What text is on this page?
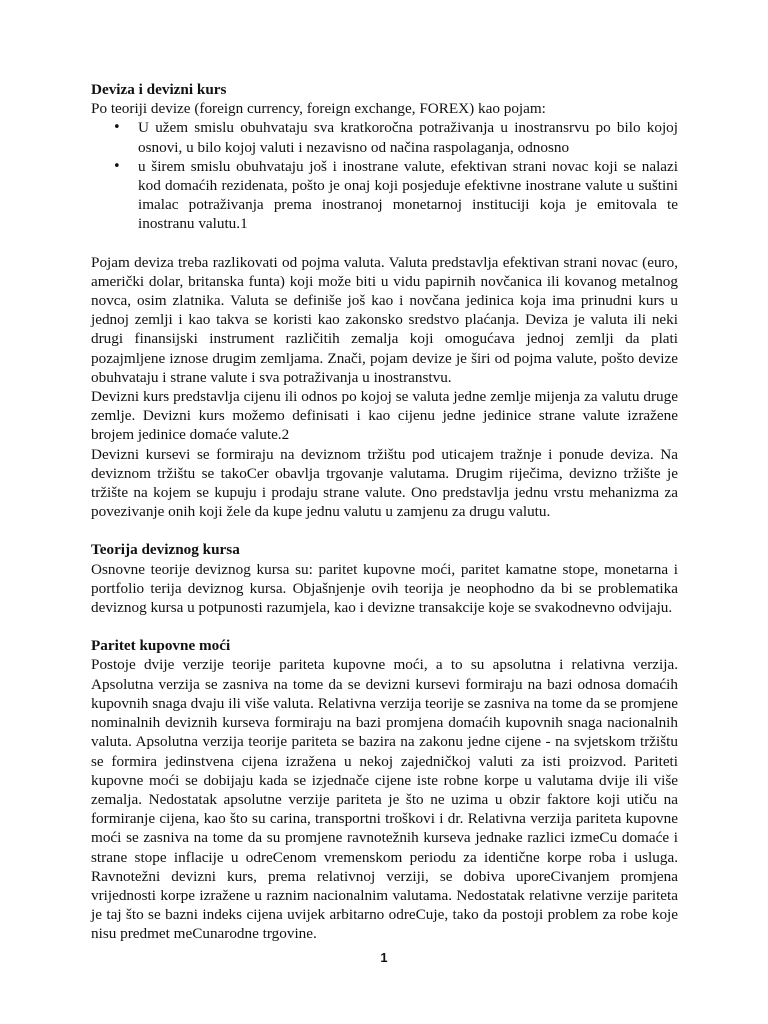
Deviza i devizni kurs

Po teoriji devize (foreign currency, foreign exchange, FOREX) kao pojam:

• U užem smislu obuhvataju sva kratkoročna potraživanja u inostransrvu po bilo kojoj osnovi, u bilo kojoj valuti i nezavisno od načina raspolaganja, odnosno
• u širem smislu obuhvataju još i inostrane valute, efektivan strani novac koji se nalazi kod domaćih rezidenata, pošto je onaj koji posjeduje efektivne inostrane valute u suštini imalac potraživanja prema inostranoj monetarnoj instituciji koja je emitovala te inostranu valutu.1

Pojam deviza treba razlikovati od pojma valuta. Valuta predstavlja efektivan strani novac (euro, američki dolar, britanska funta) koji može biti u vidu papirnih novčanica ili kovanog metalnog novca, osim zlatnika. Valuta se definiše još kao i novčana jedinica koja ima prinudni kurs u jednoj zemlji i kao takva se koristi kao zakonsko sredstvo plaćanja. Deviza je valuta ili neki drugi finansijski instrument različitih zemalja koji omogućava jednoj zemlji da plati pozajmljene iznose drugim zemljama. Znači, pojam devize je širi od pojma valute, pošto devize obuhvataju i strane valute i sva potraživanja u inostranstvu.

Devizni kurs predstavlja cijenu ili odnos po kojoj se valuta jedne zemlje mijenja za valutu druge zemlje. Devizni kurs možemo definisati i kao cijenu jedne jedinice strane valute izražene brojem jedinice domaće valute.2

Devizni kursevi se formiraju na deviznom tržištu pod uticajem tražnje i ponude deviza. Na deviznom tržištu se takoCer obavlja trgovanje valutama. Drugim riječima, devizno tržište je tržište na kojem se kupuju i prodaju strane valute. Ono predstavlja jednu vrstu mehanizma za povezivanje onih koji žele da kupe jednu valutu u zamjenu za drugu valutu.

Teorija deviznog kursa

Osnovne teorije deviznog kursa su: paritet kupovne moći, paritet kamatne stope, monetarna i portfolio terija deviznog kursa. Objašnjenje ovih teorija je neophodno da bi se problematika deviznog kursa u potpunosti razumjela, kao i devizne transakcije koje se svakodnevno odvijaju.

Paritet kupovne moći

Postoje dvije verzije teorije pariteta kupovne moći, a to su apsolutna i relativna verzija. Apsolutna verzija se zasniva na tome da se devizni kursevi formiraju na bazi odnosa domaćih kupovnih snaga dvaju ili više valuta. Relativna verzija teorije se zasniva na tome da se promjene nominalnih deviznih kurseva formiraju na bazi promjena domaćih kupovnih snaga nacionalnih valuta. Apsolutna verzija teorije pariteta se bazira na zakonu jedne cijene - na svjetskom tržištu se formira jedinstvena cijena izražena u nekoj zajedničkoj valuti za isti proizvod. Pariteti kupovne moći se dobijaju kada se izjednače cijene iste robne korpe u valutama dvije ili više zemalja. Nedostatak apsolutne verzije pariteta je što ne uzima u obzir faktore koji utiču na formiranje cijena, kao što su carina, transportni troškovi i dr. Relativna verzija pariteta kupovne moći se zasniva na tome da su promjene ravnotežnih kurseva jednake razlici izmeCu domaće i strane stope inflacije u odreCenom vremenskom periodu za identične korpe roba i usluga. Ravnotežni devizni kurs, prema relativnoj verziji, se dobiva uporeCivanjem promjena vrijednosti korpe izražene u raznim nacionalnim valutama. Nedostatak relativne verzije pariteta je taj što se bazni indeks cijena uvijek arbitarno odreCuje, tako da postoji problem za robe koje nisu predmet meCunarodne trgovine.

1
